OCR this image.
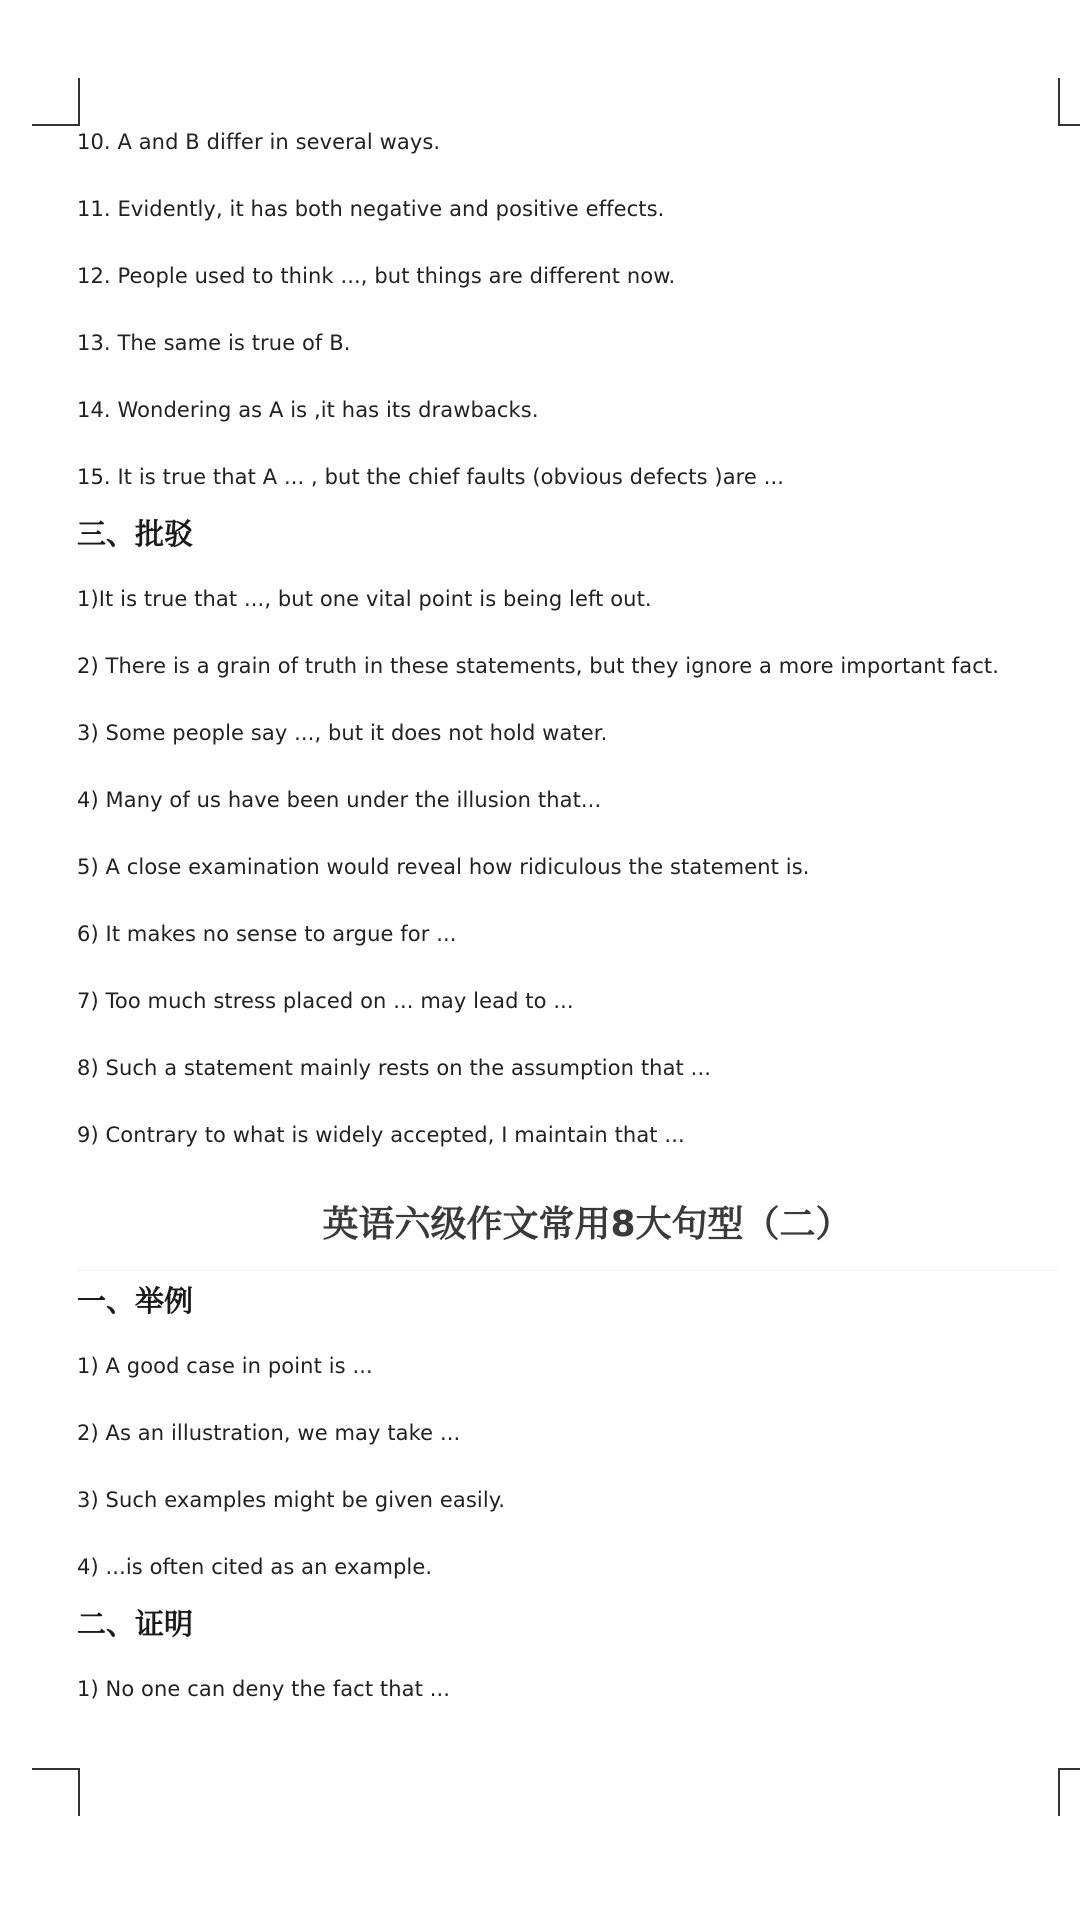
10. A and B differ in several ways.
11. Evidently, it has both negative and positive effects.
12. People used to think ..., but things are different now.
13. The same is true of B.
14. Wondering as A is ,it has its drawbacks.
15. It is true that A ... , but the chief faults (obvious defects )are ...
三、批驳
1)It is true that ..., but one vital point is being left out.
2) There is a grain of truth in these statements, but they ignore a more important fact.
3) Some people say ..., but it does not hold water.
4) Many of us have been under the illusion that...
5) A close examination would reveal how ridiculous the statement is.
6) It makes no sense to argue for ...
7) Too much stress placed on ... may lead to ...
8) Such a statement mainly rests on the assumption that ...
9) Contrary to what is widely accepted, I maintain that ...
英语六级作文常用8大句型（二）
一、举例
1) A good case in point is ...
2) As an illustration, we may take ...
3) Such examples might be given easily.
4) ...is often cited as an example.
二、证明
1) No one can deny the fact that ...
